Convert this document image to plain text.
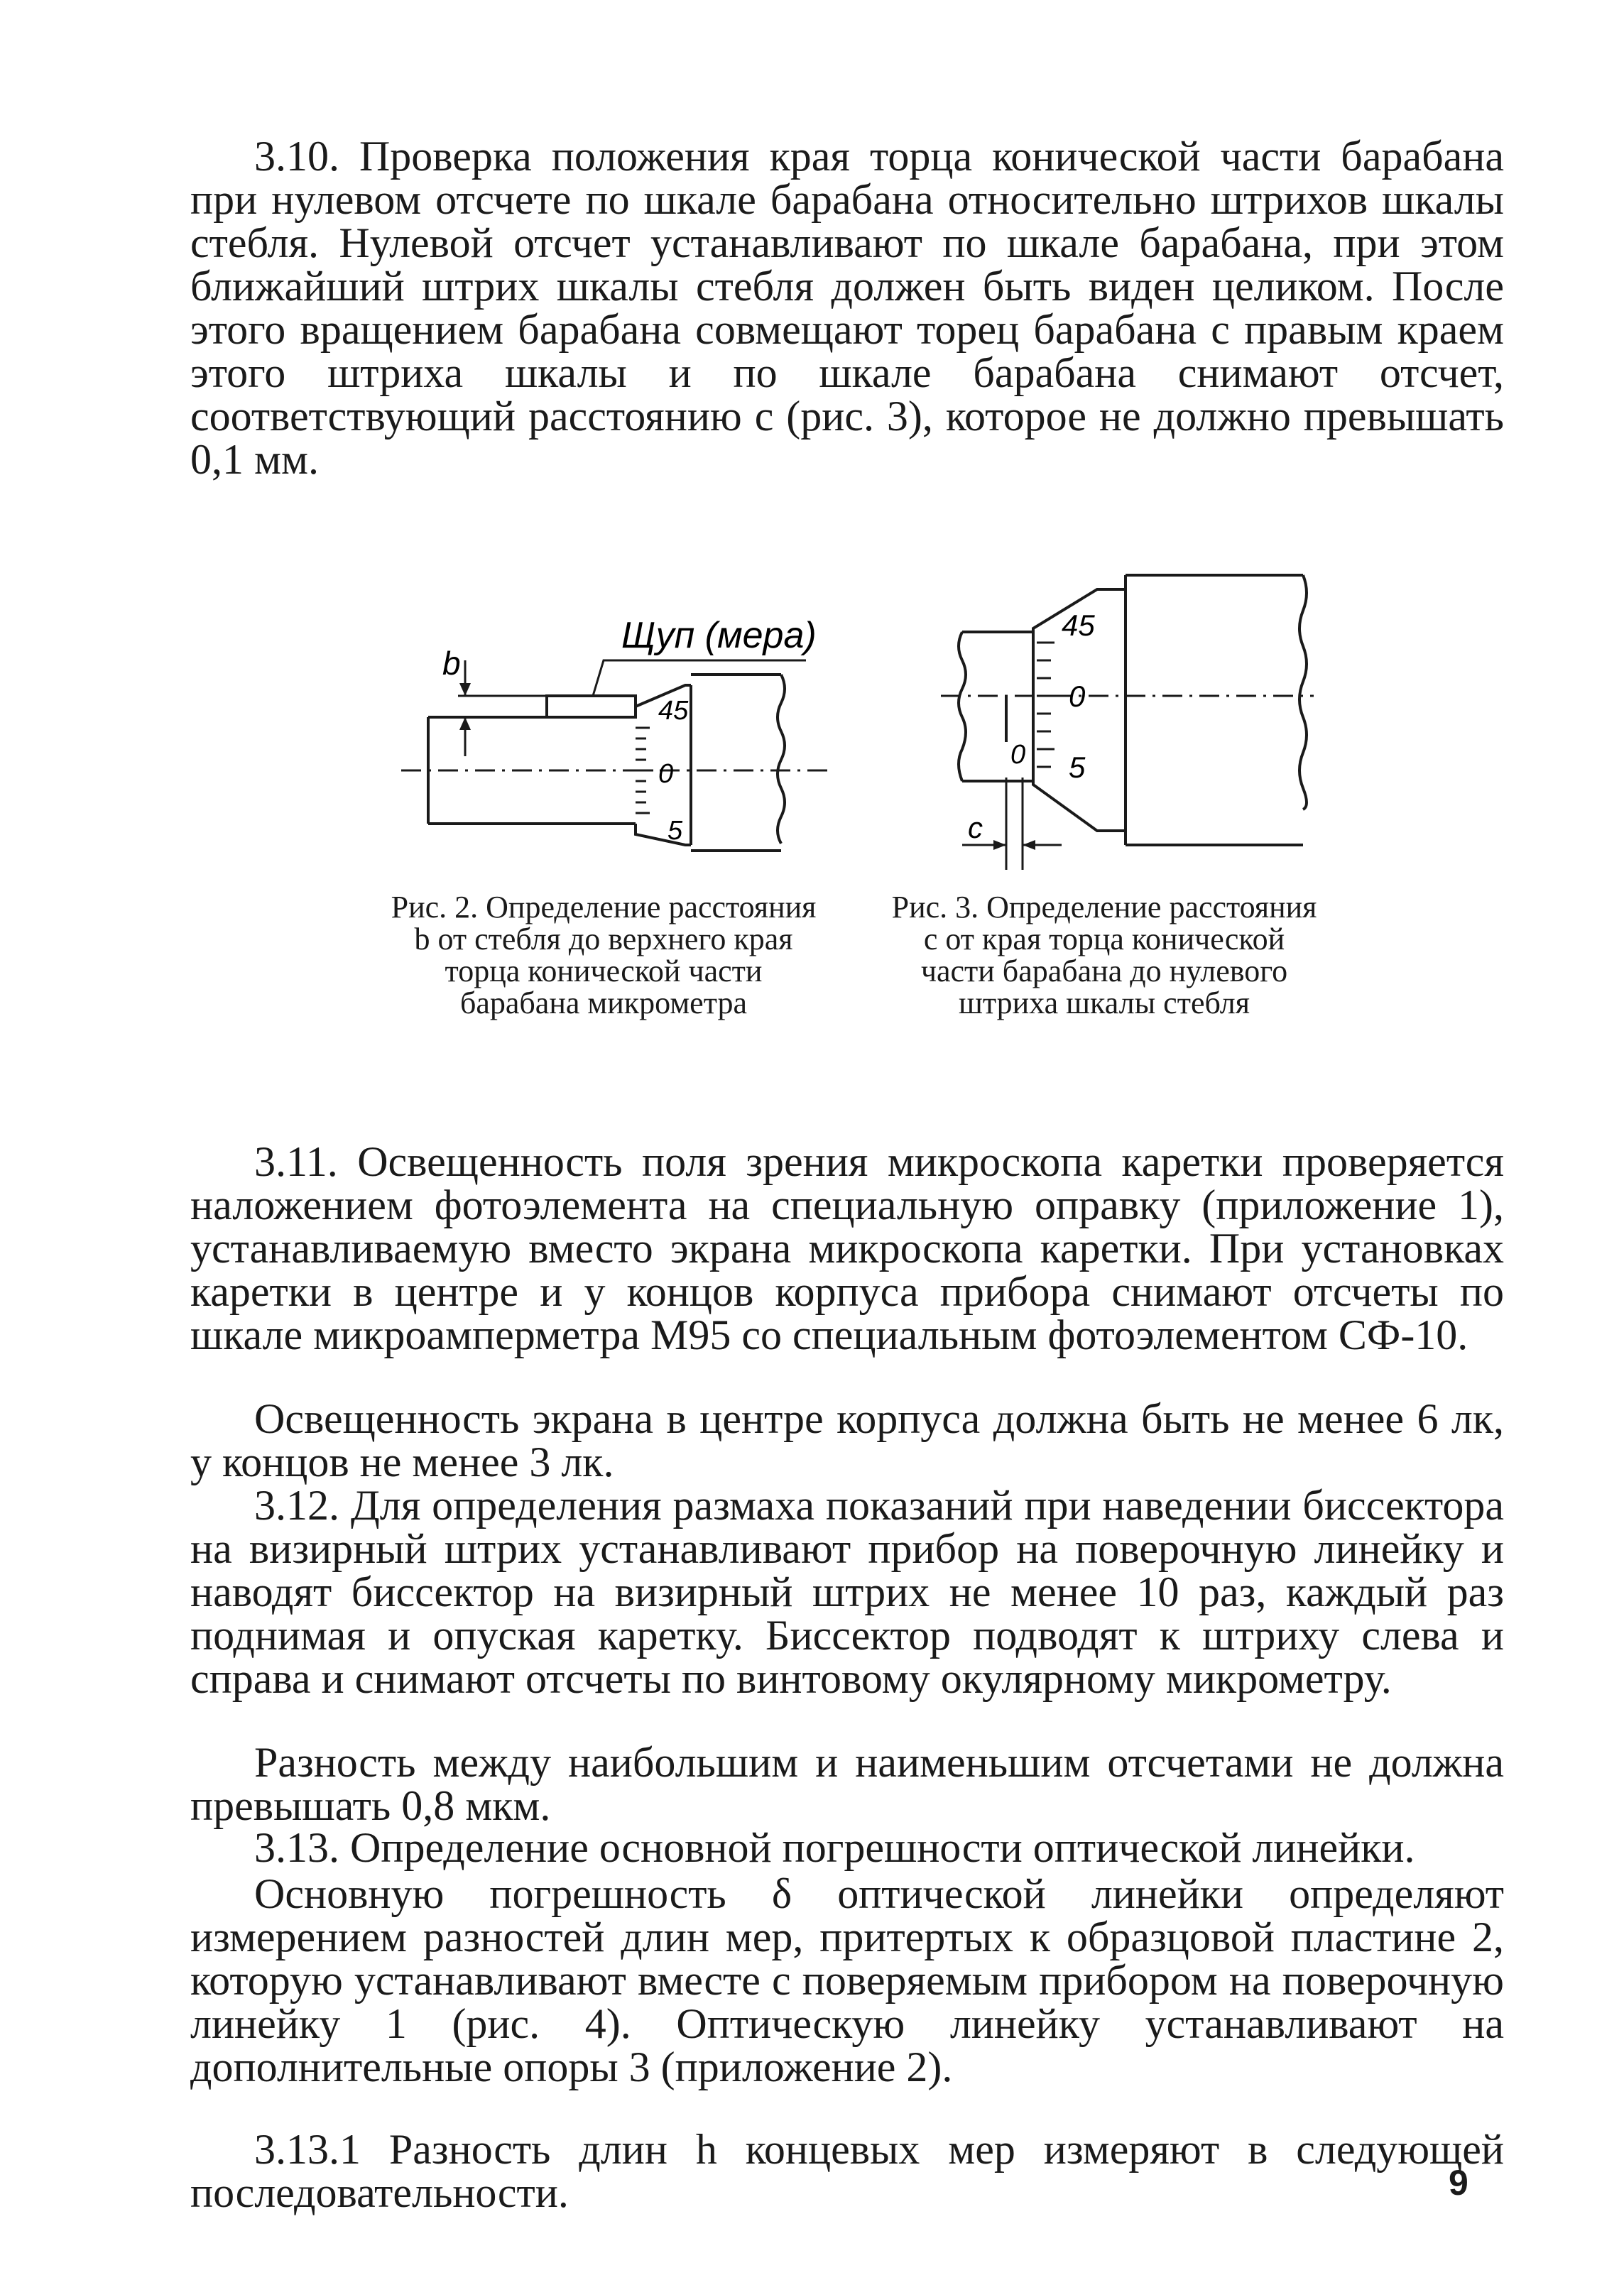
3.10. Проверка положения края торца конической части барабана при нулевом отсчете по шкале барабана относительно штрихов шкалы стебля. Нулевой отсчет устанавливают по шкале барабана, при этом ближайший штрих шкалы стебля должен быть виден целиком. После этого вращением барабана совмещают торец барабана с правым краем этого штриха шкалы и по шкале барабана снимают отсчет, соответствующий расстоянию c (рис. 3), которое не должно превышать 0,1 мм.

Щуп (мера)
b
45
0
5

Рис. 2. Определение расстояния b от стебля до верхнего края торца конической части барабана микрометра

45
0
5
0
c

Рис. 3. Определение расстояния c от края торца конической части барабана до нулевого штриха шкалы стебля

3.11. Освещенность поля зрения микроскопа каретки проверяется наложением фотоэлемента на специальную оправку (приложение 1), устанавливаемую вместо экрана микроскопа каретки. При установках каретки в центре и у концов корпуса прибора снимают отсчеты по шкале микроамперметра М95 со специальным фотоэлементом СФ-10.

Освещенность экрана в центре корпуса должна быть не менее 6 лк, у концов не менее 3 лк.

3.12. Для определения размаха показаний при наведении биссектора на визирный штрих устанавливают прибор на поверочную линейку и наводят биссектор на визирный штрих не менее 10 раз, каждый раз поднимая и опуская каретку. Биссектор подводят к штриху слева и справа и снимают отсчеты по винтовому окулярному микрометру.

Разность между наибольшим и наименьшим отсчетами не должна превышать 0,8 мкм.

3.13. Определение основной погрешности оптической линейки.

Основную погрешность δ оптической линейки определяют измерением разностей длин мер, притертых к образцовой пластине 2, которую устанавливают вместе с поверяемым прибором на поверочную линейку 1 (рис. 4). Оптическую линейку устанавливают на дополнительные опоры 3 (приложение 2).

3.13.1 Разность длин h концевых мер измеряют в следующей последовательности.	9
